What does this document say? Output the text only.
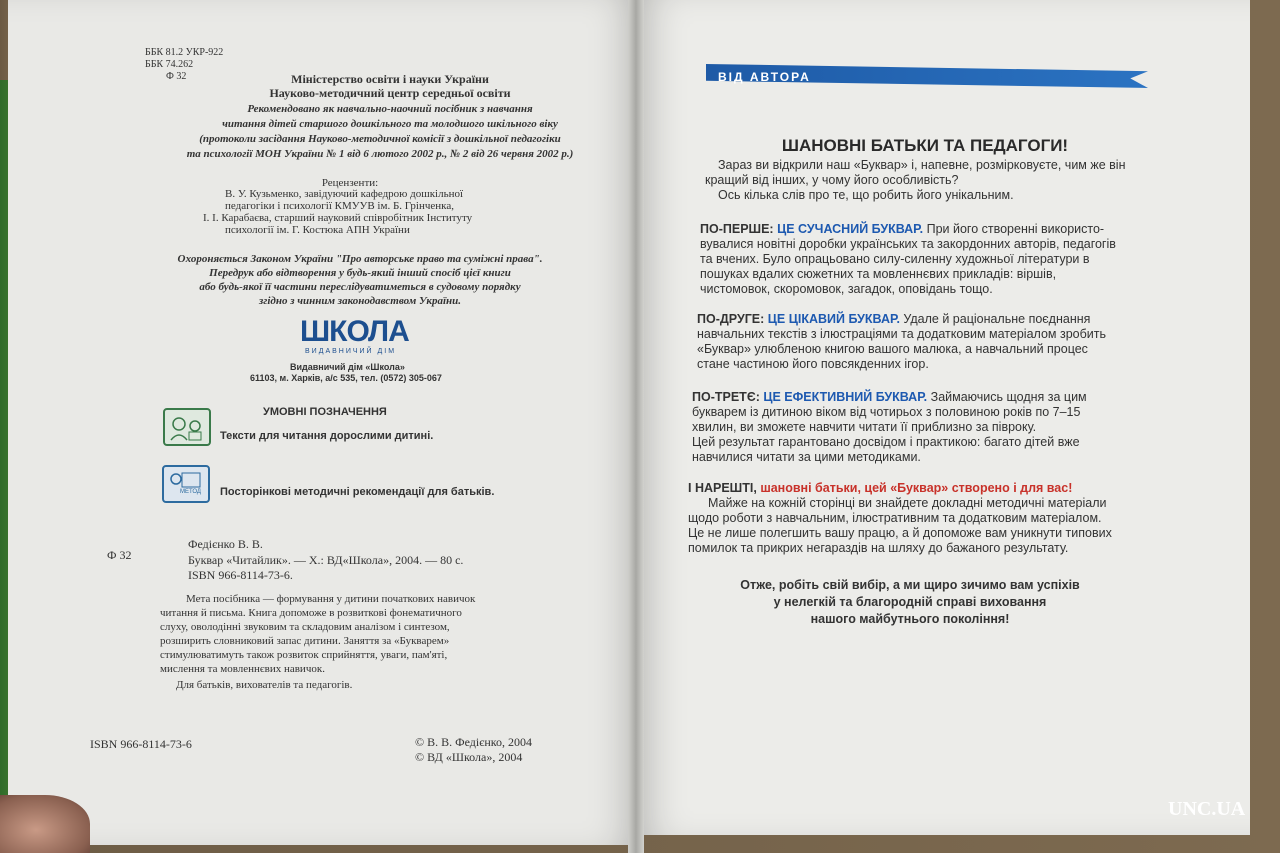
ББК 81.2 УКР-922
ББК 74.262
Ф 32	Міністерство освіти і науки України
Науково-методичний центр середньої освіти
Рекомендовано як навчально-наочний посібник з навчання
читання дітей старшого дошкільного та молодшого шкільного віку
(протоколи засідання Науково-методичної комісії з дошкільної педагогіки
та психології МОН України № 1 від 6 лютого 2002 р., № 2 від 26 червня 2002 р.)
Рецензенти:
В. У. Кузьменко, завідуючий кафедрою дошкільної
педагогіки і психології КМУУВ ім. Б. Грінченка,
І. І. Карабаєва, старший науковий співробітник Інституту
психології ім. Г. Костюка АПН України
Охороняється Законом України "Про авторське право та суміжні права".
Передрук або відтворення у будь-який інший спосіб цієї книги
або будь-якої її частини переслідуватиметься в судовому порядку
згідно з чинним законодавством України.
ШКОЛА
ВИДАВНИЧИЙ ДІМ
Видавничий дім «Школа»
61103, м. Харків, а/с 535, тел. (0572) 305-067
УМОВНІ ПОЗНАЧЕННЯ
Тексти для читання дорослими дитині.
МЕТОД Посторінкові методичні рекомендації для батьків.
Федієнко В. В.
Ф 32	Буквар «Читайлик». — Х.: ВД«Школа», 2004. — 80 с.
ISBN 966-8114-73-6.
Мета посібника — формування у дитини початкових навичок
читання й письма. Книга допоможе в розвиткові фонематичного
слуху, оволодінні звуковим та складовим аналізом і синтезом,
розширить словниковий запас дитини. Заняття за «Букварем»
стимулюватимуть також розвиток сприйняття, уваги, пам'яті,
мислення та мовленнєвих навичок.
Для батьків, вихователів та педагогів.
ISBN 966-8114-73-6	© В. В. Федієнко, 2004
© ВД «Школа», 2004
ВІД АВТОРА
ШАНОВНІ БАТЬКИ ТА ПЕДАГОГИ!
Зараз ви відкрили наш «Буквар» і, напевне, розмірковуєте, чим же він
кращий від інших, у чому його особливість?
Ось кілька слів про те, що робить його унікальним.
ПО-ПЕРШЕ: ЦЕ СУЧАСНИЙ БУКВАР. При його створенні використо-
вувалися новітні доробки українських та закордонних авторів, педагогів
та вчених. Було опрацьовано силу-силенну художньої літератури в
пошуках вдалих сюжетних та мовленнєвих прикладів: віршів,
чистомовок, скоромовок, загадок, оповідань тощо.
ПО-ДРУГЕ: ЦЕ ЦІКАВИЙ БУКВАР. Удале й раціональне поєднання
навчальних текстів з ілюстраціями та додатковим матеріалом зробить
«Буквар» улюбленою книгою вашого малюка, а навчальний процес
стане частиною його повсякденних ігор.
ПО-ТРЕТЄ: ЦЕ ЕФЕКТИВНИЙ БУКВАР. Займаючись щодня за цим
букварем із дитиною віком від чотирьох з половиною років по 7–15
хвилин, ви зможете навчити читати її приблизно за півроку.
Цей результат гарантовано досвідом і практикою: багато дітей вже
навчилися читати за цими методиками.
І НАРЕШТІ, шановні батьки, цей «Буквар» створено і для вас!
Майже на кожній сторінці ви знайдете докладні методичні матеріали
щодо роботи з навчальним, ілюстративним та додатковим матеріалом.
Це не лише полегшить вашу працю, а й допоможе вам уникнути типових
помилок та прикрих негараздів на шляху до бажаного результату.
Отже, робіть свій вибір, а ми щиро зичимо вам успіхів
у нелегкій та благородній справі виховання
нашого майбутнього покоління!
UNC.UA
